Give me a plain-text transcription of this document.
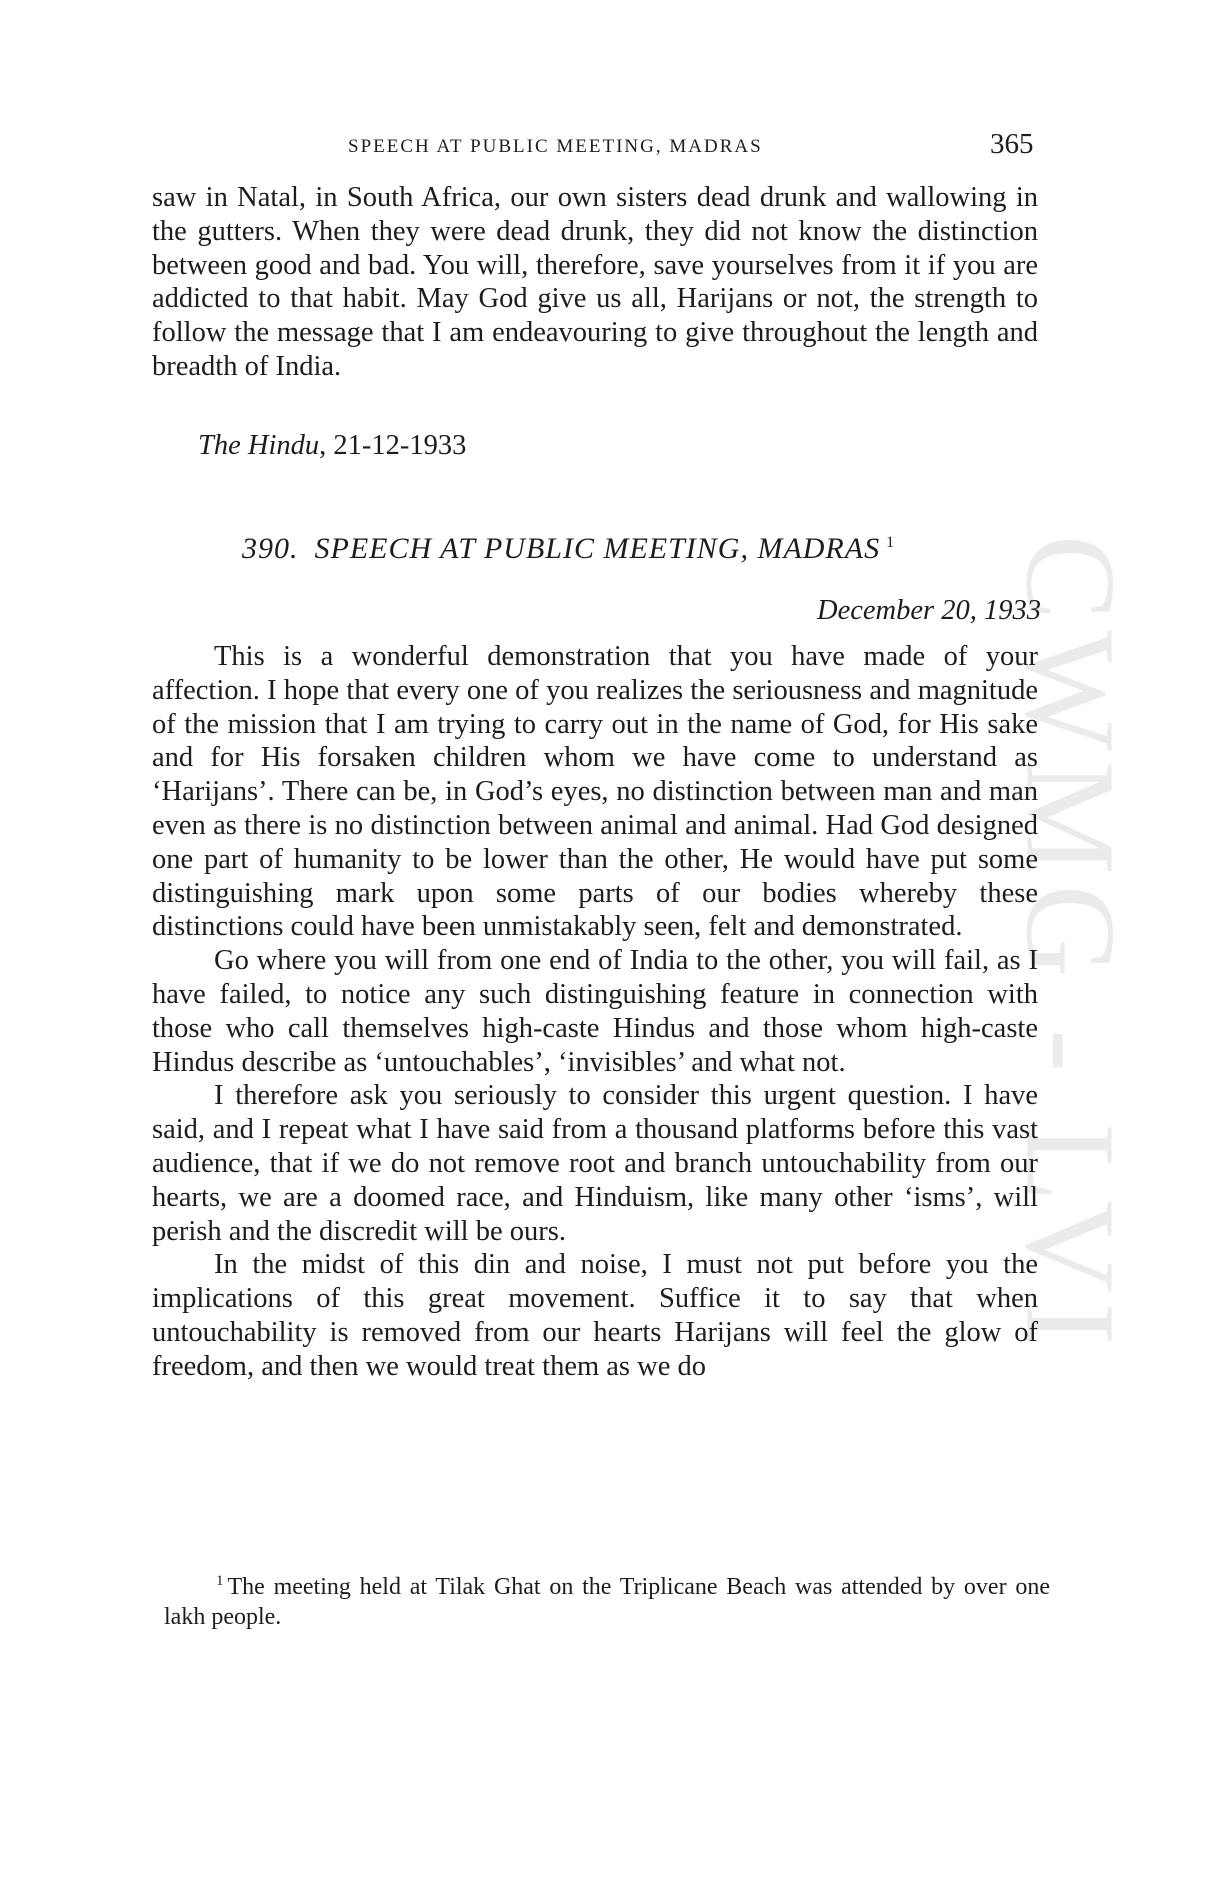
CWMG - LVI
SPEECH AT PUBLIC MEETING, MADRAS	365

saw in Natal, in South Africa, our own sisters dead drunk and wallowing in the gutters. When they were dead drunk, they did not know the distinction between good and bad. You will, therefore, save yourselves from it if you are addicted to that habit. May God give us all, Harijans or not, the strength to follow the message that I am endeavouring to give throughout the length and breadth of India.

The Hindu, 21-12-1933
390. SPEECH AT PUBLIC MEETING, MADRAS $^1$
December 20, 1933

This is a wonderful demonstration that you have made of your affection. I hope that every one of you realizes the seriousness and magnitude of the mission that I am trying to carry out in the name of God, for His sake and for His forsaken children whom we have come to understand as ‘Harijans’. There can be, in God’s eyes, no distinction between man and man even as there is no distinction between animal and animal. Had God designed one part of humanity to be lower than the other, He would have put some distinguishing mark upon some parts of our bodies whereby these distinctions could have been unmistakably seen, felt and demonstrated.

Go where you will from one end of India to the other, you will fail, as I have failed, to notice any such distinguishing feature in connection with those who call themselves high-caste Hindus and those whom high-caste Hindus describe as ‘untouchables’, ‘invisibles’ and what not.

I therefore ask you seriously to consider this urgent question. I have said, and I repeat what I have said from a thousand platforms before this vast audience, that if we do not remove root and branch untouchability from our hearts, we are a doomed race, and Hinduism, like many other ‘isms’, will perish and the discredit will be ours.

In the midst of this din and noise, I must not put before you the implications of this great movement. Suffice it to say that when untouchability is removed from our hearts Harijans will feel the glow of freedom, and then we would treat them as we do

$^1$ The meeting held at Tilak Ghat on the Triplicane Beach was attended by over one lakh people.
